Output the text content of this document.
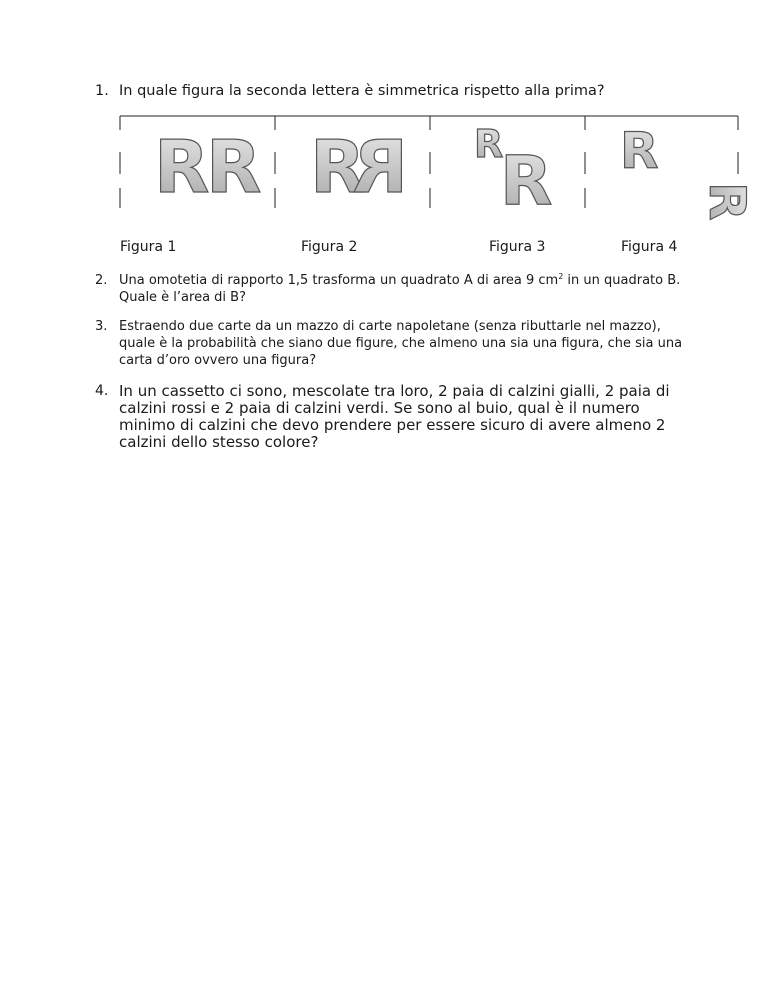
1. In quale figura la seconda lettera è simmetrica rispetto alla prima?
R
R R
R R
R R
R
Figura 1	Figura 2	Figura 3	Figura 4
2. Una omotetia di rapporto 1,5 trasforma un quadrato A di area 9 $cm^2$ in un quadrato B. Quale è l’area di B?
3. Estraendo due carte da un mazzo di carte napoletane (senza ributtarle nel mazzo), quale è la probabilità che siano due figure, che almeno una sia una figura, che sia una carta d’oro ovvero una figura?
4. In un cassetto ci sono, mescolate tra loro, 2 paia di calzini gialli, 2 paia di calzini rossi e 2 paia di calzini verdi. Se sono al buio, qual è il numero minimo di calzini che devo prendere per essere sicuro di avere almeno 2 calzini dello stesso colore?
